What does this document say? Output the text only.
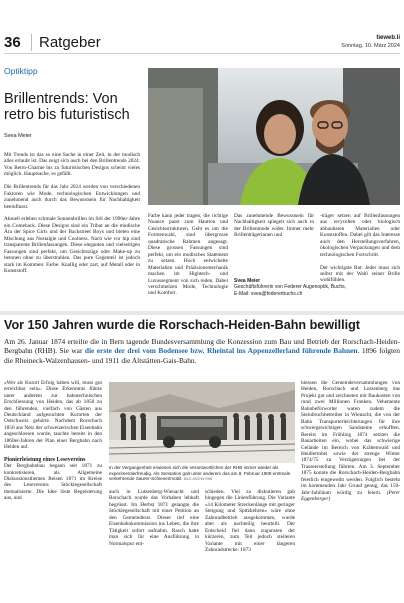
36 Ratgeber	tieweb.li
Sonntag, 10. März 2024
Optiktipp
Brillentrends: Von retro bis futuristisch
Svea Meier

Mit Trends ist das so eine Sache in einer Zeit, in der modisch alles erlaubt ist. Das zeigt sich auch bei den Brillentrends 2024. Von Retro-Charme bis zu futuristischen Designs scheint vieles möglich. Hauptsache, es gefällt.

Die Brillentrends für das Jahr 2024 werden von verschiedenen Faktoren wie Mode, technologischen Entwicklungen und zunehmend auch durch das Bewusstsein für Nachhaltigkeit beeinflusst.

Aktuell erleben schmale Sonnenbrillen im Stil der 1990er-Jahre ein Comeback. Diese Designs sind ein Tribut an die modische Ära der Spice Girls und der Backstreet Boys und bieten eine Mischung aus Nostalgie und Coolness. Nach wie vor hip sind transparente Brillenfassungen. Diese eleganten und vielseitigen Fassungen sind perfekt, um Gesichtszüge oder Make-up zu betonen ohne zu überstrahlen. Das pure Gegenteil ist jedoch stark im Kommen: Farbe. Knallig oder zart, auf Metall oder in Kunststoff.

Farbe kann jeder tragen, die richtige Nuance passt zum Hautton und Gesichtsstrukturen. Geht es um die Formenwahl, sind übergrosse quadratische Rahmen angesagt. Diese grossen Fassungen sind perfekt, um ein modisches Statement zu setzen. Hoch entwickelte Materialien und Präzisionsmechanik machen im Hightech- und Luxussegment von sich reden. Dabei verschmelzen Mode, Technologie und Komfort.

Das zunehmende Bewusstsein für Nachhaltigkeit spiegelt sich auch in der Brillenmode wider. Immer mehr Brillenträgerinnen und

-träger setzen auf Brillenfassungen aus recycelten oder biologisch abbaubaren Materialien oder Kunststoffen. Dabei gilt das Interesse auch den Herstellungsverfahren, ökologischen Verpackungen und dem technologischen Fortschritt.

Der wichtigste Rat: Jeder muss sich selbst mit der Wahl seiner Brille wohlfühlen.

Svea Meier
Geschäftsführerin von Federer Augenoptik, Buchs,
E-Mail: svea@federerbuchs.ch
Vor 150 Jahren wurde die Rorschach-Heiden-Bahn bewilligt
Am 26. Januar 1874 erteilte die in Bern tagende Bundesversammlung die Konzession zum Bau und Betrieb der Rorschach-Heiden-Bergbahn (RHB). Sie war die erste der drei vom Bodensee bzw. Rheintal ins Appenzellerland führende Bahnen. 1896 folgten die Rheineck-Walzenhausen- und 1911 die Altstätten-Gais-Bahn.

«Wer als Kurort Erfolg haben will, muss gut erreichbar sein». Diese Erkenntnis führte unter anderem zur bahntechnischen Erschliessung von Heiden, das ab 1850 zu den führenden, vielfach von Gästen aus Deutschland aufgesuchten Kurorten der Ostschweiz gehörte. Nachdem Rorschach 1856 ans Netz der schweizerischen Eisenbahn angeschlossen wurde, tauchte bereits in den 1860er-Jahren der Plan einer Bergbahn nach Heiden auf.

Pionierleistung eines Lesevereins

Der Bergbahnbau begann seit 1871 zu konkretisieren, als Allgemeine Diskussionsthemen Reisen 1871 im Kreise des Lesevereins Stöcklegesellschaft thematisierte. Die Idee löste Begeisterung aus, und

In der Vergangenheit erwiesen sich die Verantwortlichen der RHB immer wieder als experimentierfreudig. Als Sensation galt unter anderem das am 8. Februar 1908 erstmals verkehrende Saurer-Schienenmobil. BILD: ARCHIV RHB

auch in Lutzenberg-Wienacht und Rorschach wurde das Vorhaben lebhaft begrüsst. Im Herbst 1871 gelangte die Stöcklegesellschaft mit einer Petition an den Gemeinderat. Dieser rief eine Eisenbahnkommission ins Leben, die ihre Tätigkeit sofort aufnahm. Rasch hatte man sich für eine Ausführung in Normalspur ent-

schieden. Viel zu diskutieren gab hingegen die Linienführung. Die Variante «14 Kilometer Streckenlänge mit geringer Steigung und Spitzkehren» wäre ohne Zahnradbetrieb ausgekommen, wurde aber als nachteilig beurteilt. Der Entscheid fiel dann zugunsten der kürzeren, zum Teil jedoch steileren Variante mit einer längeren Zahnradstrecke. 1873

hiessen die Gemeindeversammlungen von Heiden, Rorschach und Lutzenberg das Projekt gut und zeichneten mit Baukosten von rund zwei Millionen Franken. Vehemente Bahnbefürworter waren zudem die Steinbruchbetreiber in Wienacht, die von der Bahn Transporterleichterungen für ihre schwergewichtigen Sandsteine erhofften. Bereits im Frühling 1874 setzten die Bauarbeiten ein, wobei das schwierige Gelände im Bereich von Krähenwald und Heidlertobel sowie der strenge Winter 1874/75 zu Verzögerungen bei der Trasseerstellung führten. Am 3. September 1875 konnte die Rorschach-Heiden-Bergbahn feierlich eingeweiht werden. Folglich besteht im kommenden Jahr Grund genug, das 150-Jahr-Jubiläum würdig zu feiern. (Peter Eggenberger)
